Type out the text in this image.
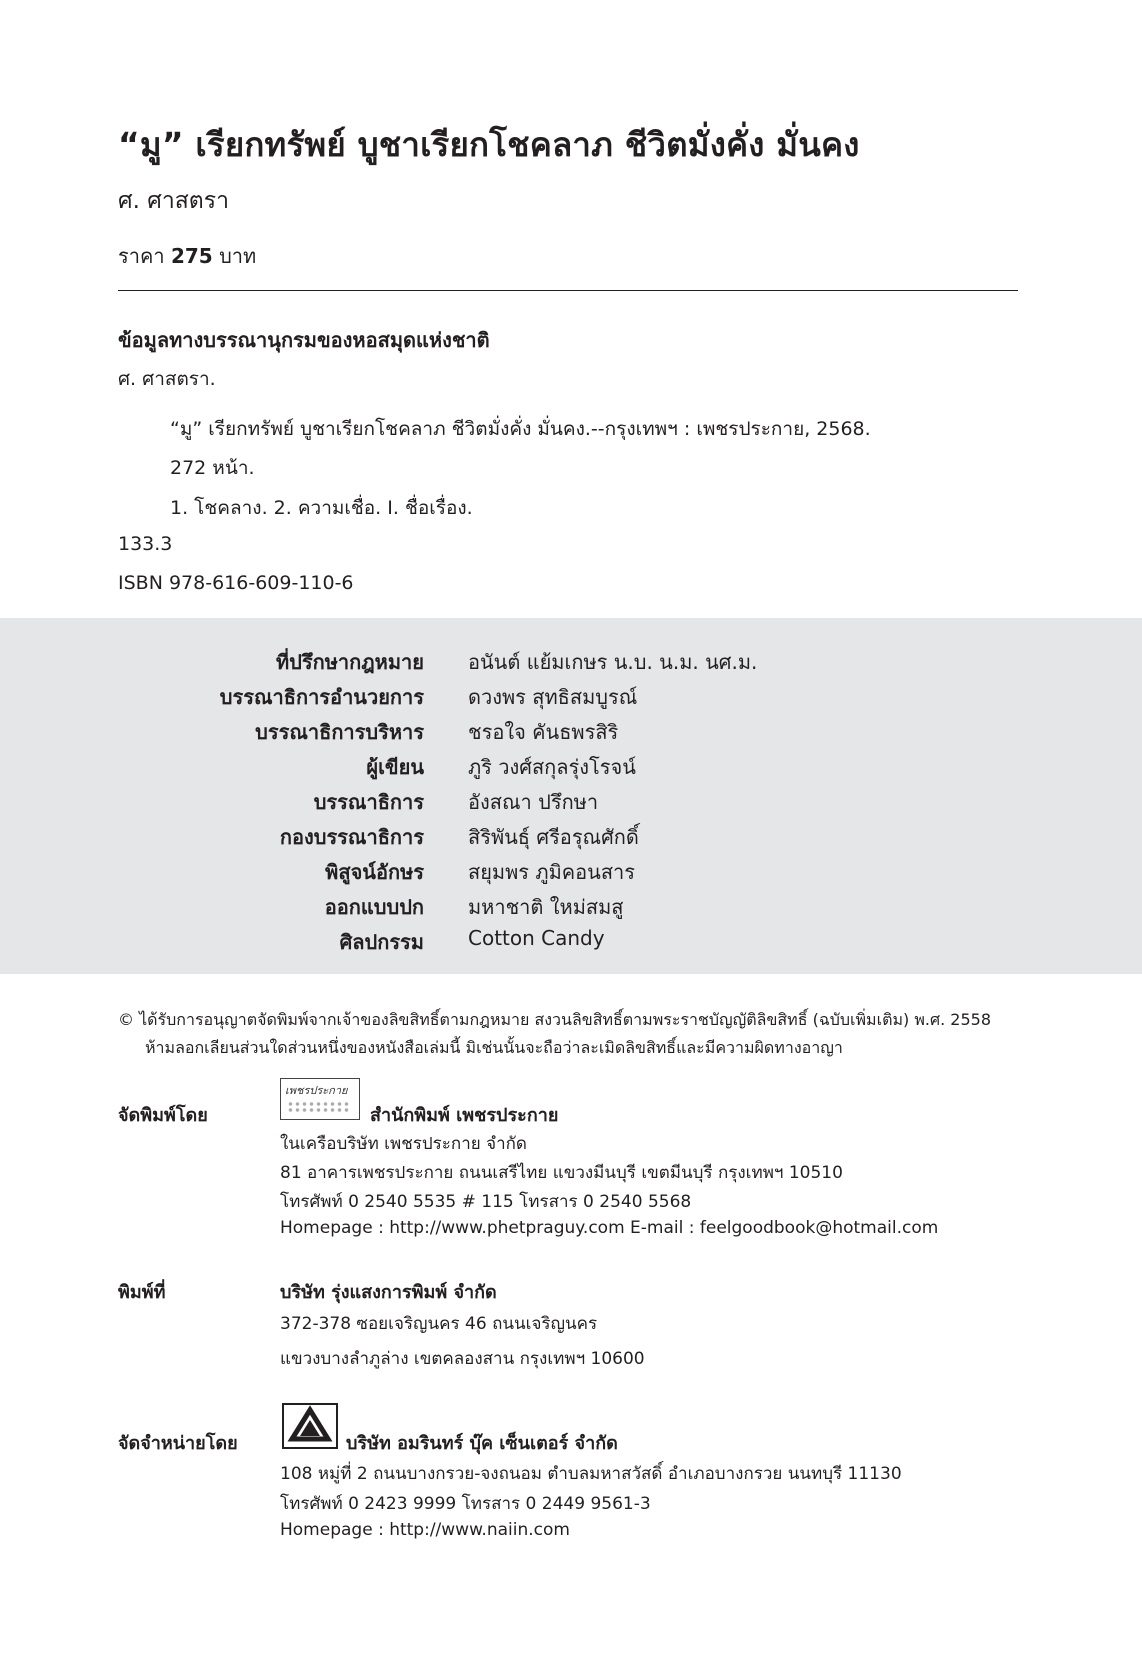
“มู” เรียกทรัพย์ บูชาเรียกโชคลาภ ชีวิตมั่งคั่ง มั่นคง
ศ. ศาสตรา
ราคา 275 บาท
ข้อมูลทางบรรณานุกรมของหอสมุดแห่งชาติ
ศ. ศาสตรา.
“มู” เรียกทรัพย์ บูชาเรียกโชคลาภ ชีวิตมั่งคั่ง มั่นคง.--กรุงเทพฯ : เพชรประกาย, 2568.
272 หน้า.
1. โชคลาง. 2. ความเชื่อ. I. ชื่อเรื่อง.
133.3
ISBN 978-616-609-110-6
ที่ปรึกษากฎหมาย อนันต์ แย้มเกษร น.บ. น.ม. นศ.ม.
บรรณาธิการอำนวยการ ดวงพร สุทธิสมบูรณ์
บรรณาธิการบริหาร ชรอใจ คันธพรสิริ
ผู้เขียน ภูริ วงศ์สกุลรุ่งโรจน์
บรรณาธิการ อังสณา ปรึกษา
กองบรรณาธิการ สิริพันธุ์ ศรีอรุณศักดิ์
พิสูจน์อักษร สยุมพร ภูมิคอนสาร
ออกแบบปก มหาชาติ ใหม่สมสู
ศิลปกรรม Cotton Candy
© ได้รับการอนุญาตจัดพิมพ์จากเจ้าของลิขสิทธิ์ตามกฎหมาย สงวนลิขสิทธิ์ตามพระราชบัญญัติลิขสิทธิ์ (ฉบับเพิ่มเติม) พ.ศ. 2558
ห้ามลอกเลียนส่วนใดส่วนหนึ่งของหนังสือเล่มนี้ มิเช่นนั้นจะถือว่าละเมิดลิขสิทธิ์และมีความผิดทางอาญา
จัดพิมพ์โดย
เพชรประกาย
สำนักพิมพ์ เพชรประกาย
ในเครือบริษัท เพชรประกาย จำกัด
81 อาคารเพชรประกาย ถนนเสรีไทย แขวงมีนบุรี เขตมีนบุรี กรุงเทพฯ 10510
โทรศัพท์ 0 2540 5535 # 115 โทรสาร 0 2540 5568
Homepage : http://www.phetpraguy.com E-mail : feelgoodbook@hotmail.com
พิมพ์ที่	บริษัท รุ่งแสงการพิมพ์ จำกัด
372-378 ซอยเจริญนคร 46 ถนนเจริญนคร
แขวงบางลำภูล่าง เขตคลองสาน กรุงเทพฯ 10600
จัดจำหน่ายโดย	บริษัท อมรินทร์ บุ๊ค เซ็นเตอร์ จำกัด
108 หมู่ที่ 2 ถนนบางกรวย-จงถนอม ตำบลมหาสวัสดิ์ อำเภอบางกรวย นนทบุรี 11130
โทรศัพท์ 0 2423 9999 โทรสาร 0 2449 9561-3
Homepage : http://www.naiin.com
